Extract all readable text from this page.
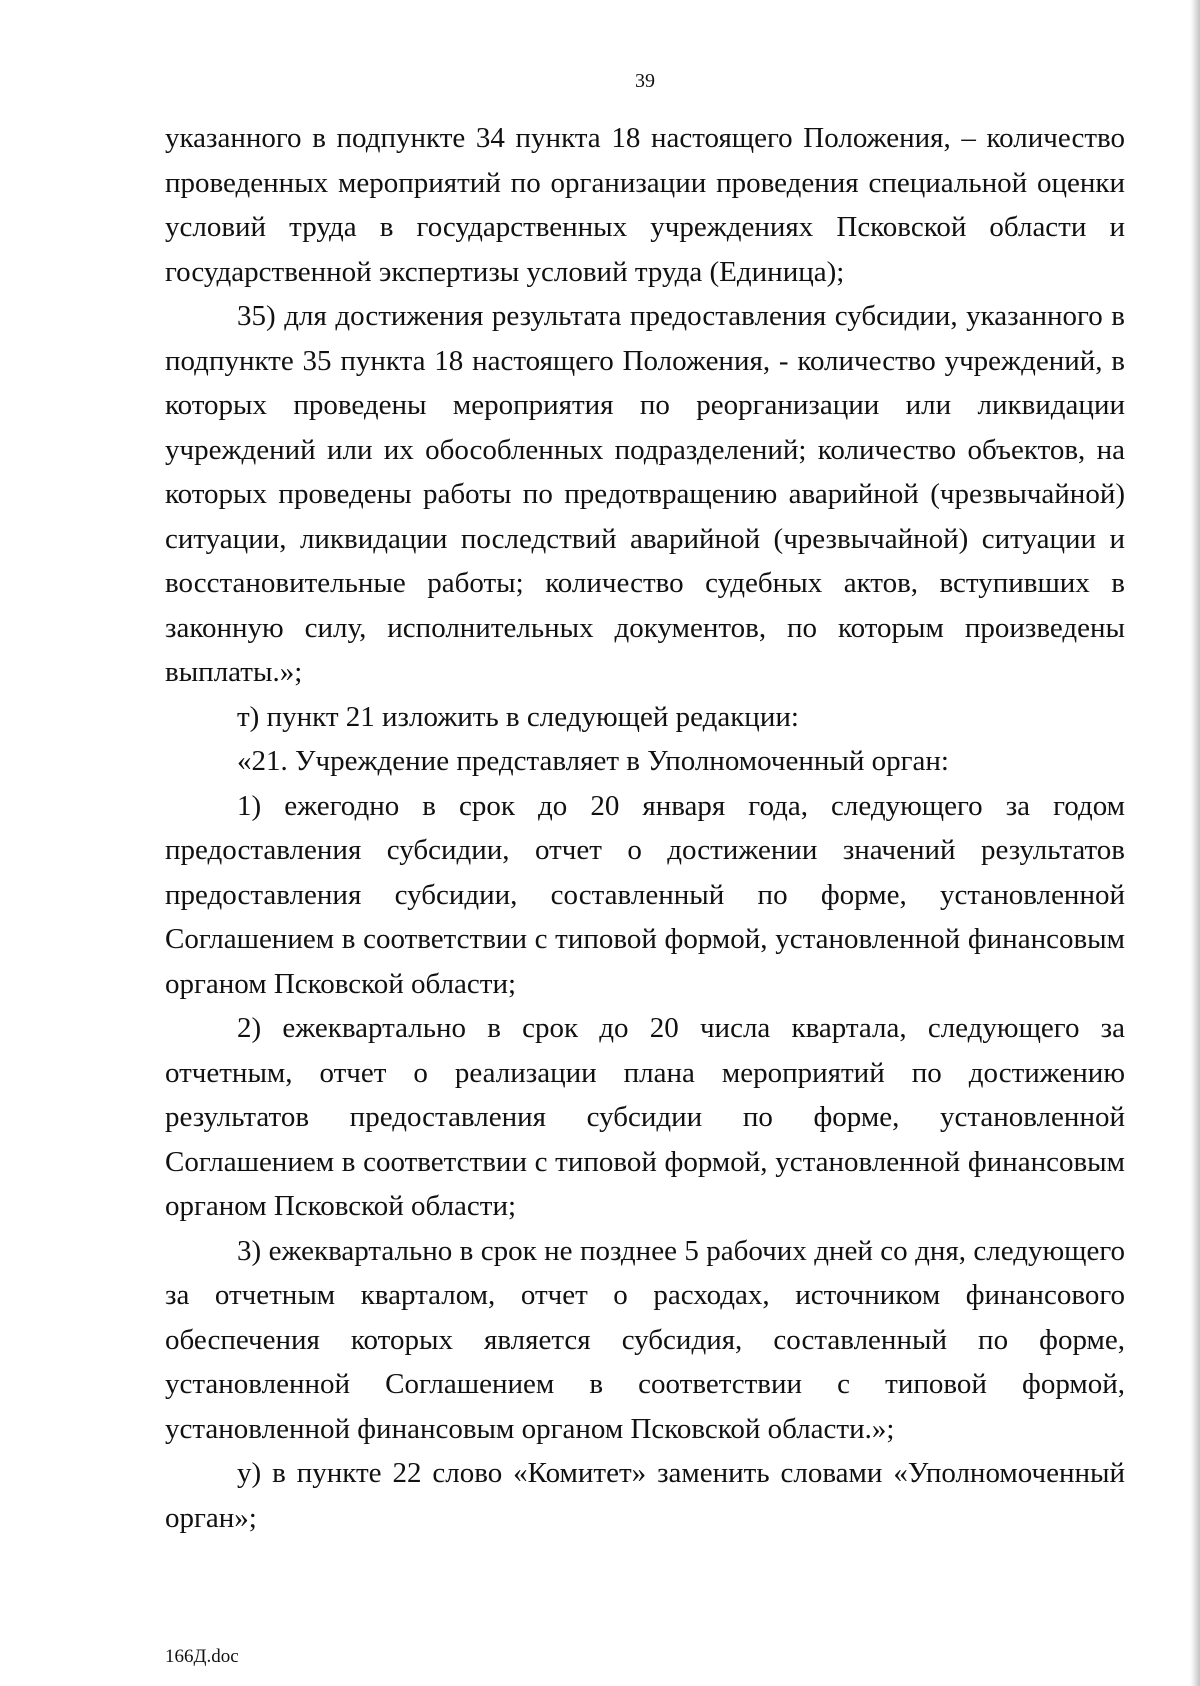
39

указанного в подпункте 34 пункта 18 настоящего Положения, – количество проведенных мероприятий по организации проведения специальной оценки условий труда в государственных учреждениях Псковской области и государственной экспертизы условий труда (Единица);

35) для достижения результата предоставления субсидии, указанного в подпункте 35 пункта 18 настоящего Положения, - количество учреждений, в которых проведены мероприятия по реорганизации или ликвидации учреждений или их обособленных подразделений; количество объектов, на которых проведены работы по предотвращению аварийной (чрезвычайной) ситуации, ликвидации последствий аварийной (чрезвычайной) ситуации и восстановительные работы; количество судебных актов, вступивших в законную силу, исполнительных документов, по которым произведены выплаты.»;

т) пункт 21 изложить в следующей редакции:

«21. Учреждение представляет в Уполномоченный орган:

1) ежегодно в срок до 20 января года, следующего за годом предоставления субсидии, отчет о достижении значений результатов предоставления субсидии, составленный по форме, установленной Соглашением в соответствии с типовой формой, установленной финансовым органом Псковской области;

2) ежеквартально в срок до 20 числа квартала, следующего за отчетным, отчет о реализации плана мероприятий по достижению результатов предоставления субсидии по форме, установленной Соглашением в соответствии с типовой формой, установленной финансовым органом Псковской области;

3) ежеквартально в срок не позднее 5 рабочих дней со дня, следующего за отчетным кварталом, отчет о расходах, источником финансового обеспечения которых является субсидия, составленный по форме, установленной Соглашением в соответствии с типовой формой, установленной финансовым органом Псковской области.»;

у) в пункте 22 слово «Комитет» заменить словами «Уполномоченный орган»;

166Д.doc
